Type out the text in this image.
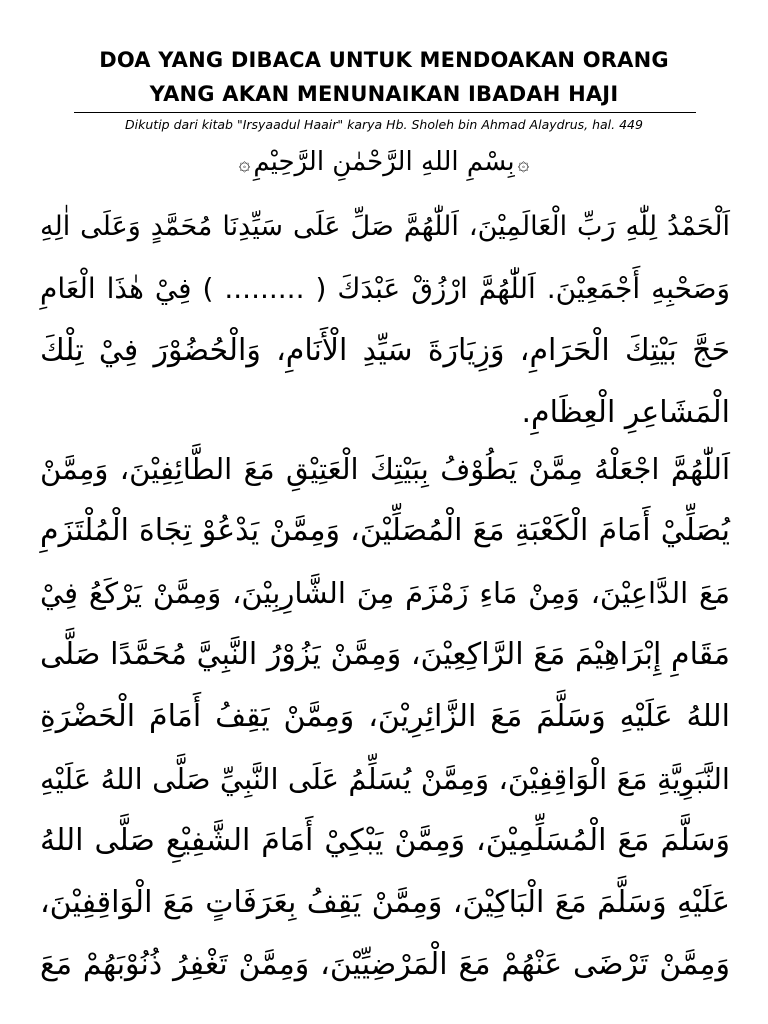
DOA YANG DIBACA UNTUK MENDOAKAN ORANG
YANG AKAN MENUNAIKAN IBADAH HAJI
Dikutip dari kitab "Irsyaadul Haair" karya Hb. Sholeh bin Ahmad Alaydrus, hal. 449
۞بِسْمِ اللهِ الرَّحْمٰنِ الرَّحِيْمِ۞
اَلْحَمْدُ لِلّٰهِ رَبِّ الْعَالَمِيْنَ، اَللّٰهُمَّ صَلِّ عَلَى سَيِّدِنَا مُحَمَّدٍ وَعَلَى اٰلِهِ
وَصَحْبِهِ أَجْمَعِيْنَ. اَللّٰهُمَّ ارْزُقْ عَبْدَكَ ( ......... ) فِيْ هٰذَا الْعَامِ
حَجَّ بَيْتِكَ الْحَرَامِ، وَزِيَارَةَ سَيِّدِ الْأَنَامِ، وَالْحُضُوْرَ فِيْ تِلْكَ
الْمَشَاعِرِ الْعِظَامِ.
اَللّٰهُمَّ اجْعَلْهُ مِمَّنْ يَطُوْفُ بِبَيْتِكَ الْعَتِيْقِ مَعَ الطَّائِفِيْنَ، وَمِمَّنْ
يُصَلِّيْ أَمَامَ الْكَعْبَةِ مَعَ الْمُصَلِّيْنَ، وَمِمَّنْ يَدْعُوْ تِجَاهَ الْمُلْتَزَمِ
مَعَ الدَّاعِيْنَ، وَمِنْ مَاءِ زَمْزَمَ مِنَ الشَّارِبِيْنَ، وَمِمَّنْ يَرْكَعُ فِيْ
مَقَامِ إِبْرَاهِيْمَ مَعَ الرَّاكِعِيْنَ، وَمِمَّنْ يَزُوْرُ النَّبِيَّ مُحَمَّدًا صَلَّى
اللهُ عَلَيْهِ وَسَلَّمَ مَعَ الزَّائِرِيْنَ، وَمِمَّنْ يَقِفُ أَمَامَ الْحَضْرَةِ
النَّبَوِيَّةِ مَعَ الْوَاقِفِيْنَ، وَمِمَّنْ يُسَلِّمُ عَلَى النَّبِيِّ صَلَّى اللهُ عَلَيْهِ
وَسَلَّمَ مَعَ الْمُسَلِّمِيْنَ، وَمِمَّنْ يَبْكِيْ أَمَامَ الشَّفِيْعِ صَلَّى اللهُ
عَلَيْهِ وَسَلَّمَ مَعَ الْبَاكِيْنَ، وَمِمَّنْ يَقِفُ بِعَرَفَاتٍ مَعَ الْوَاقِفِيْنَ،
وَمِمَّنْ تَرْضَى عَنْهُمْ مَعَ الْمَرْضِيِّيْنَ، وَمِمَّنْ تَغْفِرُ ذُنُوْبَهُمْ مَعَ
